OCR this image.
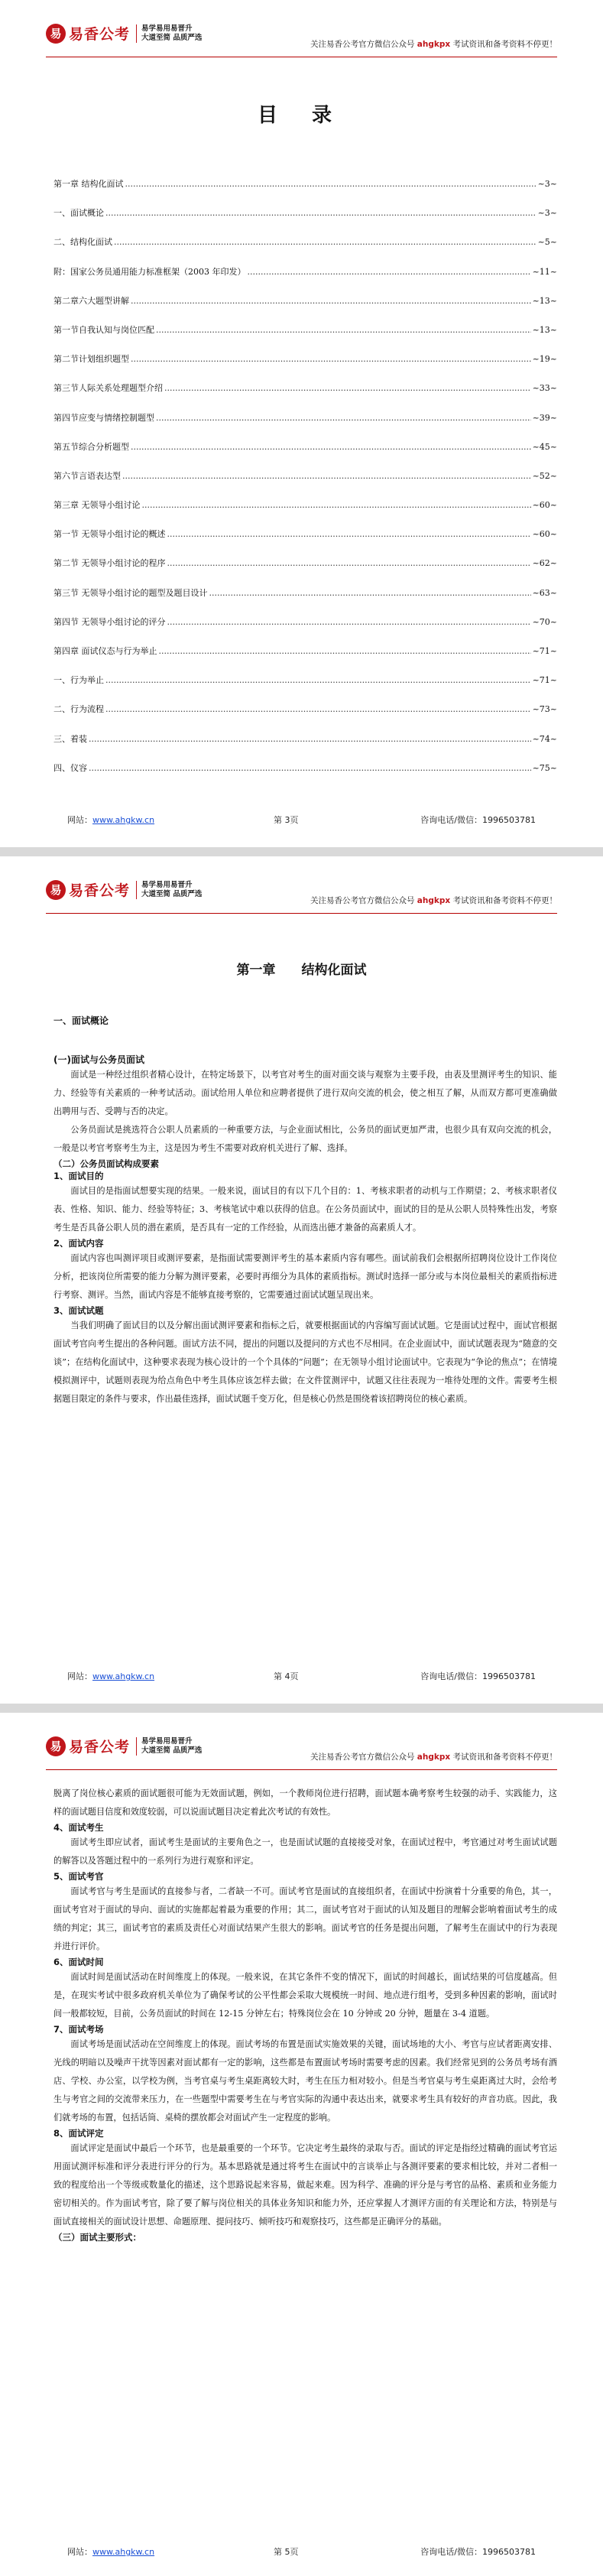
易 易香公考	易学易用易晋升
大道至简 品质严选
关注易香公考官方微信公众号 ahgkpx 考试资讯和备考资料不停更！
目 录
第一章 结构化面试 .....	~3~
一、面试概论 .....	~3~
二、结构化面试 .....	~5~
附：国家公务员通用能力标准框架（2003 年印发） .....	~11~
第二章六大题型讲解 .....	~13~
第一节自我认知与岗位匹配 .....	~13~
第二节计划组织题型 .....	~19~
第三节人际关系处理题型介绍 .....	~33~
第四节应变与情绪控制题型 .....	~39~
第五节综合分析题型 .....	~45~
第六节言语表达型 .....	~52~
第三章 无领导小组讨论 .....	~60~
第一节 无领导小组讨论的概述 .....	~60~
第二节 无领导小组讨论的程序 .....	~62~
第三节 无领导小组讨论的题型及题目设计 .....	~63~
第四节 无领导小组讨论的评分 .....	~70~
第四章 面试仪态与行为举止 .....	~71~
一、行为举止 .....	~71~
二、行为流程 .....	~73~
三、着装 .....	~74~
四、仪容 .....	~75~
网站：www.ahgkw.cn	第 3页	咨询电话/微信：1996503781
易 易香公考	易学易用易晋升
大道至简 品质严选
关注易香公考官方微信公众号 ahgkpx 考试资讯和备考资料不停更！
第一章 结构化面试

一、面试概论

(一)面试与公务员面试

面试是一种经过组织者精心设计，在特定场景下，以考官对考生的面对面交谈与观察为主要手段，由表及里测评考生的知识、能力、经验等有关素质的一种考试活动。面试给用人单位和应聘者提供了进行双向交流的机会，使之相互了解，从而双方都可更准确做出聘用与否、受聘与否的决定。

公务员面试是挑选符合公职人员素质的一种重要方法，与企业面试相比，公务员的面试更加严肃，也很少具有双向交流的机会，一般是以考官考察考生为主，这是因为考生不需要对政府机关进行了解、选择。

（二）公务员面试构成要素

1、面试目的

面试目的是指面试想要实现的结果。一般来说，面试目的有以下几个目的：1、考核求职者的动机与工作期望；2、考核求职者仪表、性格、知识、能力、经验等特征；3、考核笔试中难以获得的信息。在公务员面试中，面试的目的是从公职人员特殊性出发，考察考生是否具备公职人员的潜在素质，是否具有一定的工作经验，从而选出德才兼备的高素质人才。

2、面试内容

面试内容也叫测评项目或测评要素，是指面试需要测评考生的基本素质内容有哪些。面试前我们会根据所招聘岗位设计工作岗位分析，把该岗位所需要的能力分解为测评要素，必要时再细分为具体的素质指标。测试时选择一部分或与本岗位最相关的素质指标进行考察、测评。当然，面试内容是不能够直接考察的，它需要通过面试试题呈现出来。

3、面试试题

当我们明确了面试目的以及分解出面试测评要素和指标之后，就要根据面试的内容编写面试试题。它是面试过程中，面试官根据面试考官向考生提出的各种问题。面试方法不同，提出的问题以及提问的方式也不尽相同。在企业面试中，面试试题表现为“随意的交谈”；在结构化面试中，这种要求表现为核心设计的一个个具体的“问题”；在无领导小组讨论面试中。它表现为“争论的焦点”；在情境模拟测评中，试题则表现为给点角色中考生具体应该怎样去做；在文件筐测评中，试题又往往表现为一堆待处理的文件。需要考生根据题目限定的条件与要求，作出最佳选择，面试试题千变万化，但是核心仍然是围绕着该招聘岗位的核心素质。

网站：www.ahgkw.cn	第 4页	咨询电话/微信：1996503781
易 易香公考	易学易用易晋升
大道至简 品质严选
关注易香公考官方微信公众号 ahgkpx 考试资讯和备考资料不停更！

脱离了岗位核心素质的面试题很可能为无效面试题，例如，一个教师岗位进行招聘，面试题本确考察考生较强的动手、实践能力，这样的面试题目信度和效度较弱，可以说面试题目决定着此次考试的有效性。

4、面试考生

面试考生即应试者，面试考生是面试的主要角色之一，也是面试试题的直接接受对象，在面试过程中，考官通过对考生面试试题的解答以及答题过程中的一系列行为进行观察和评定。

5、面试考官

面试考官与考生是面试的直接参与者，二者缺一不可。面试考官是面试的直接组织者，在面试中扮演着十分重要的角色，其一，面试考官对于面试的导向、面试的实施都起着最为重要的作用；其二，面试考官对于面试的认知及题目的理解会影响着面试考生的成绩的判定；其三，面试考官的素质及责任心对面试结果产生很大的影响。面试考官的任务是提出问题，了解考生在面试中的行为表现并进行评价。

6、面试时间

面试时间是面试活动在时间维度上的体现。一般来说，在其它条件不变的情况下，面试的时间越长，面试结果的可信度越高。但是，在现实考试中很多政府机关单位为了确保考试的公平性都会采取大规模统一时间、地点进行组考，受到多种因素的影响，面试时间一般都较短，目前，公务员面试的时间在 12-15 分钟左右；特殊岗位会在 10 分钟或 20 分钟，题量在 3-4 道题。

7、面试考场

面试考场是面试活动在空间维度上的体现。面试考场的布置是面试实施效果的关键，面试场地的大小、考官与应试者距离安排、光线的明暗以及噪声干扰等因素对面试都有一定的影响，这些都是布置面试考场时需要考虑的因素。我们经常见到的公务员考场有酒店、学校、办公室，以学校为例，当考官桌与考生桌距离较大时，考生在压力相对较小。但是当考官桌与考生桌距离过大时，会给考生与考官之间的交流带来压力，在一些题型中需要考生在与考官实际的沟通中表达出来，就要求考生具有较好的声音功底。因此，我们就考场的布置，包括话筒、桌椅的摆放都会对面试产生一定程度的影响。

8、面试评定

面试评定是面试中最后一个环节，也是最重要的一个环节。它决定考生最终的录取与否。面试的评定是指经过精确的面试考官运用面试测评标准和评分表进行评分的行为。基本思路就是通过将考生在面试中的言谈举止与各测评要素的要求相比较，并对二者相一致的程度给出一个等级或数量化的描述，这个思路说起来容易，做起来难。因为科学、准确的评分是与考官的品格、素质和业务能力密切相关的。作为面试考官，除了要了解与岗位相关的具体业务知识和能力外，还应掌握人才测评方面的有关理论和方法，特别是与面试直接相关的面试设计思想、命题原理、提问技巧、倾听技巧和观察技巧，这些都是正确评分的基础。

（三）面试主要形式：

网站：www.ahgkw.cn	第 5页	咨询电话/微信：1996503781
